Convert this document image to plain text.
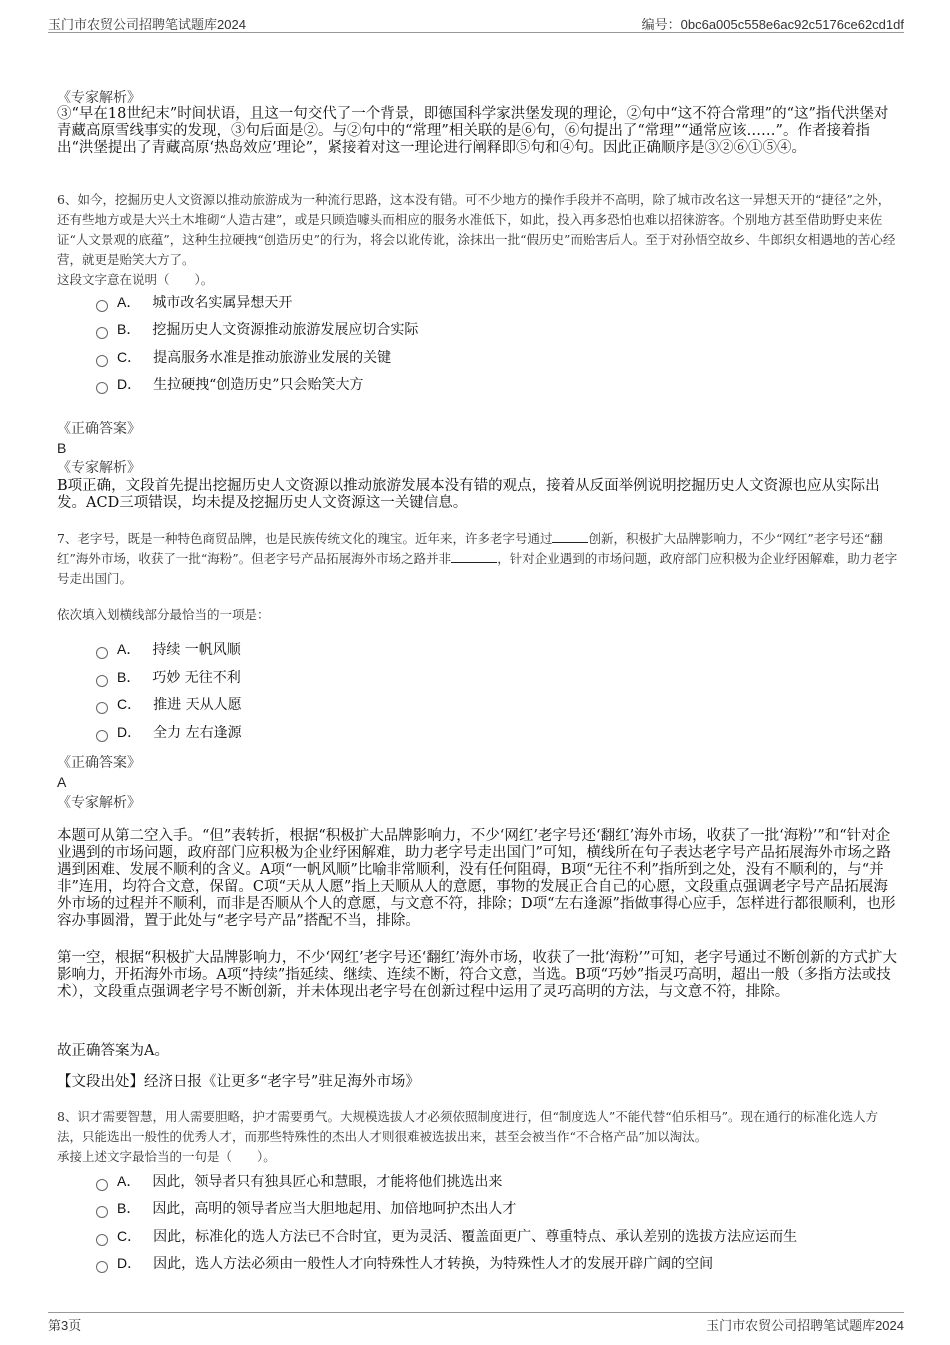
玉门市农贸公司招聘笔试题库2024	编号：0bc6a005c558e6ac92c5176ce62cd1df
《专家解析》
③“早在18世纪末”时间状语，且这一句交代了一个背景，即德国科学家洪堡发现的理论，②句中“这不符合常理”的“这”指代洪堡对青藏高原雪线事实的发现，③句后面是②。与②句中的“常理”相关联的是⑥句，⑥句提出了“常理”“通常应该……”。作者接着指出“洪堡提出了青藏高原‘热岛效应’理论”，紧接着对这一理论进行阐释即⑤句和④句。因此正确顺序是③②⑥①⑤④。
6、如今，挖掘历史人文资源以推动旅游成为一种流行思路，这本没有错。可不少地方的操作手段并不高明，除了城市改名这一异想天开的“捷径”之外，还有些地方或是大兴土木堆砌“人造古建”，或是只顾造噱头而相应的服务水准低下，如此，投入再多恐怕也难以招徕游客。个别地方甚至借助野史来佐证“人文景观的底蕴”，这种生拉硬拽“创造历史”的行为，将会以讹传讹，涂抹出一批“假历史”而贻害后人。至于对孙悟空故乡、牛郎织女相遇地的苦心经营，就更是贻笑大方了。
这段文字意在说明（　　）。
A． 城市改名实属异想天开
B． 挖掘历史人文资源推动旅游发展应切合实际
C． 提高服务水准是推动旅游业发展的关键
D． 生拉硬拽“创造历史”只会贻笑大方
《正确答案》
B
《专家解析》
B项正确，文段首先提出挖掘历史人文资源以推动旅游发展本没有错的观点，接着从反面举例说明挖掘历史人文资源也应从实际出发。ACD三项错误，均未提及挖掘历史人文资源这一关键信息。
7、老字号，既是一种特色商贸品牌，也是民族传统文化的瑰宝。近年来，许多老字号通过	创新，积极扩大品牌影响力，不少“网红”老字号还“翻红”海外市场，收获了一批“海粉”。但老字号产品拓展海外市场之路并非	，针对企业遇到的市场问题，政府部门应积极为企业纾困解难，助力老字号走出国门。
依次填入划横线部分最恰当的一项是：
A． 持续 一帆风顺
B． 巧妙 无往不利
C． 推进 天从人愿
D． 全力 左右逢源
《正确答案》
A
《专家解析》
本题可从第二空入手。“但”表转折，根据“积极扩大品牌影响力，不少‘网红’老字号还‘翻红’海外市场，收获了一批‘海粉’”和“针对企业遇到的市场问题，政府部门应积极为企业纾困解难，助力老字号走出国门”可知，横线所在句子表达老字号产品拓展海外市场之路遇到困难、发展不顺利的含义。A项“一帆风顺”比喻非常顺利，没有任何阻碍，B项“无往不利”指所到之处，没有不顺利的，与“并非”连用，均符合文意，保留。C项“天从人愿”指上天顺从人的意愿，事物的发展正合自己的心愿，文段重点强调老字号产品拓展海外市场的过程并不顺利，而非是否顺从个人的意愿，与文意不符，排除；D项“左右逢源”指做事得心应手，怎样进行都很顺利，也形容办事圆滑，置于此处与“老字号产品”搭配不当，排除。
第一空，根据“积极扩大品牌影响力，不少‘网红’老字号还‘翻红’海外市场，收获了一批‘海粉’”可知，老字号通过不断创新的方式扩大影响力，开拓海外市场。A项“持续”指延续、继续、连续不断，符合文意，当选。B项“巧妙”指灵巧高明，超出一般（多指方法或技术），文段重点强调老字号不断创新，并未体现出老字号在创新过程中运用了灵巧高明的方法，与文意不符，排除。
故正确答案为A。
【文段出处】经济日报《让更多“老字号”驻足海外市场》
8、识才需要智慧，用人需要胆略，护才需要勇气。大规模选拔人才必须依照制度进行，但“制度选人”不能代替“伯乐相马”。现在通行的标准化选人方法，只能选出一般性的优秀人才，而那些特殊性的杰出人才则很难被选拔出来，甚至会被当作“不合格产品”加以淘汰。
承接上述文字最恰当的一句是（　　）。
A． 因此，领导者只有独具匠心和慧眼，才能将他们挑选出来
B． 因此，高明的领导者应当大胆地起用、加倍地呵护杰出人才
C． 因此，标准化的选人方法已不合时宜，更为灵活、覆盖面更广、尊重特点、承认差别的选拔方法应运而生
D． 因此，选人方法必须由一般性人才向特殊性人才转换，为特殊性人才的发展开辟广阔的空间
第3页	玉门市农贸公司招聘笔试题库2024
